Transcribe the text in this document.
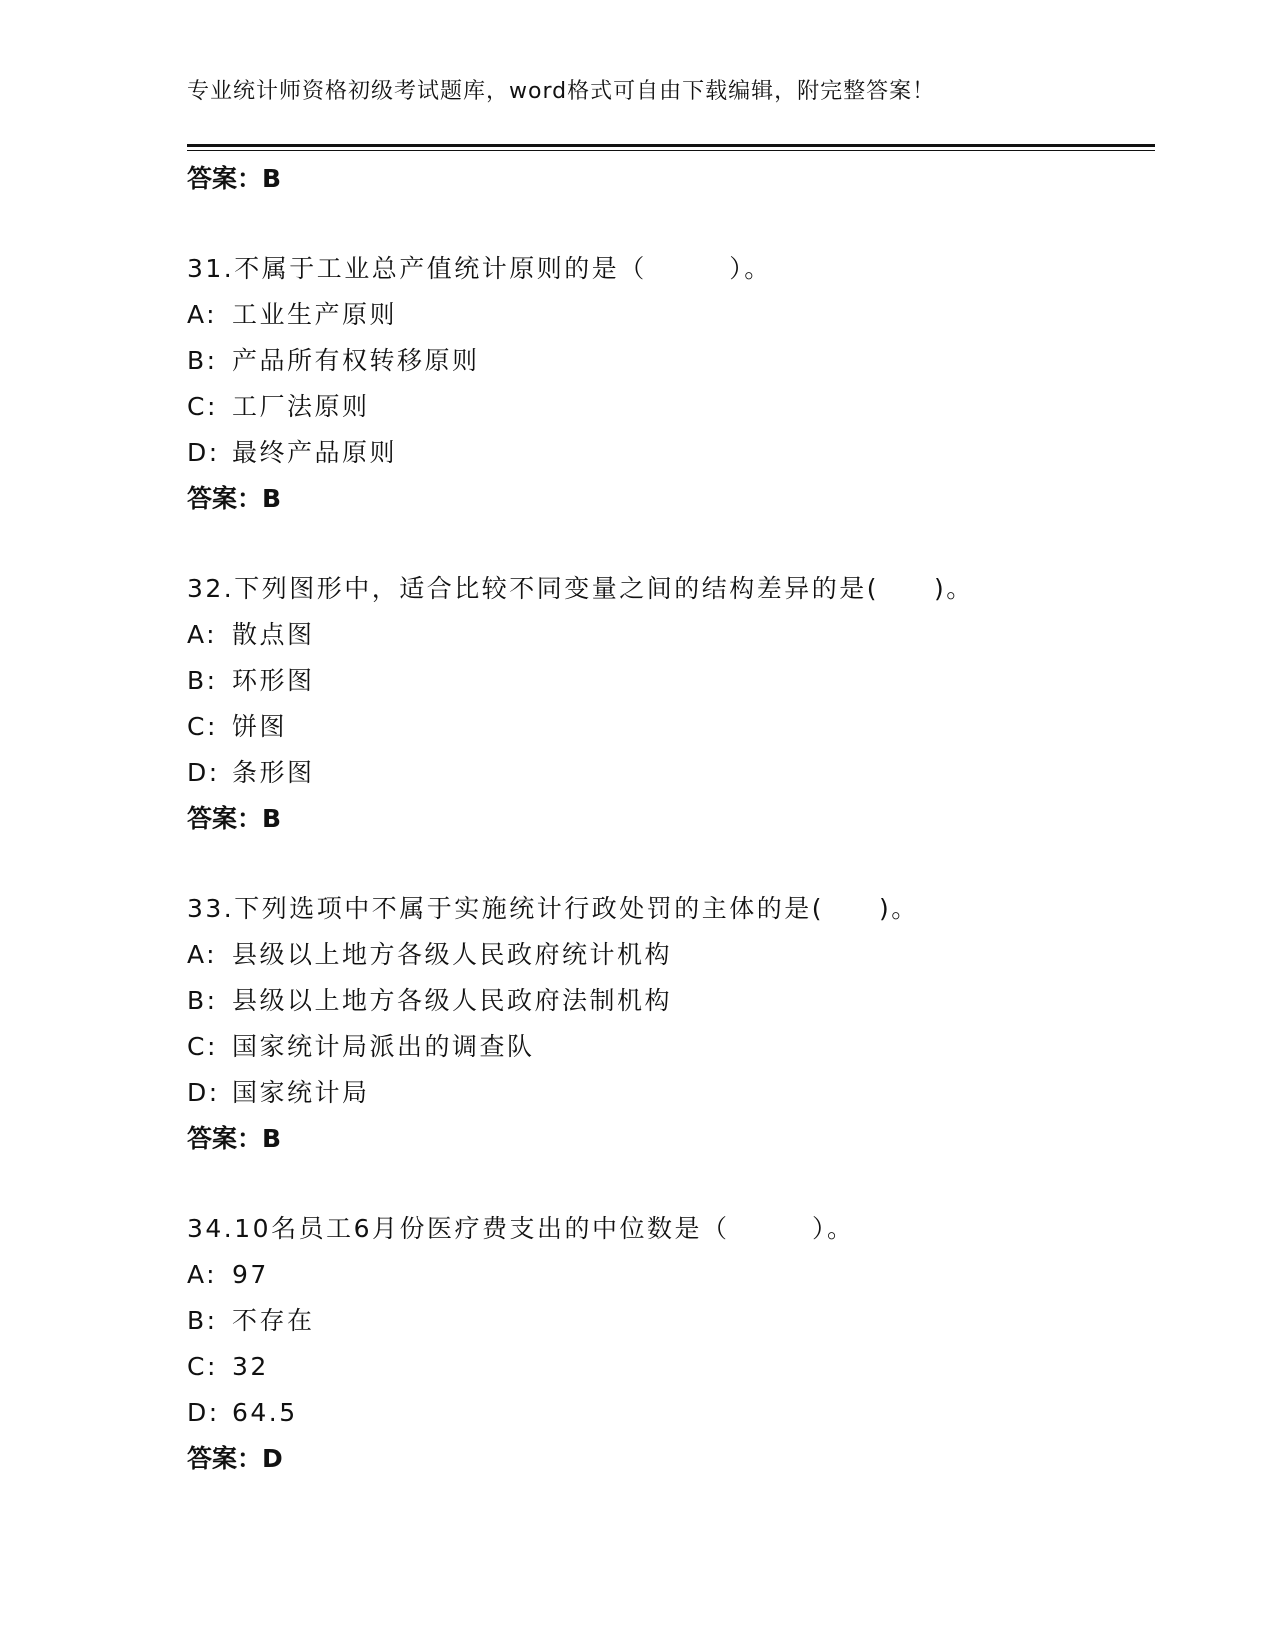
专业统计师资格初级考试题库，word格式可自由下载编辑，附完整答案！
答案：B
31.不属于工业总产值统计原则的是（　　　）。
A: 工业生产原则
B: 产品所有权转移原则
C: 工厂法原则
D: 最终产品原则
答案：B
32.下列图形中，适合比较不同变量之间的结构差异的是(　　)。
A: 散点图
B: 环形图
C: 饼图
D: 条形图
答案：B
33.下列选项中不属于实施统计行政处罚的主体的是(　　)。
A: 县级以上地方各级人民政府统计机构
B: 县级以上地方各级人民政府法制机构
C: 国家统计局派出的调查队
D: 国家统计局
答案：B
34.10名员工6月份医疗费支出的中位数是（　　　）。
A: 97
B: 不存在
C: 32
D: 64.5
答案：D
